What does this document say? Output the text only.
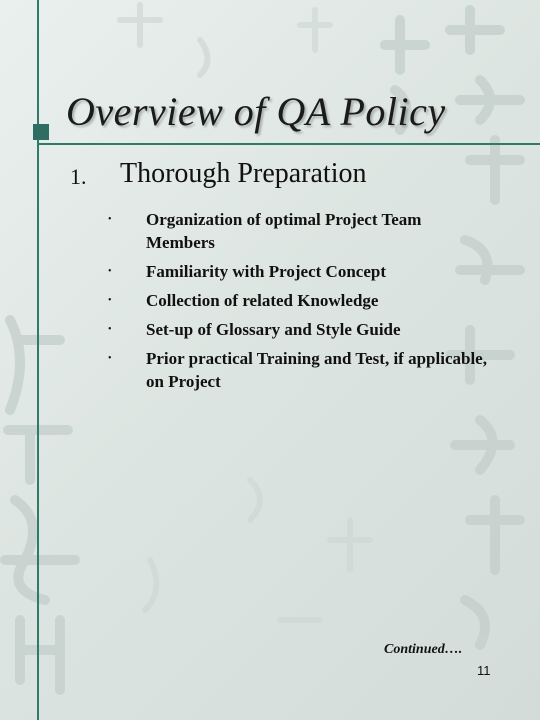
Overview of QA Policy
1. Thorough Preparation
• Organization of optimal Project Team Members
• Familiarity with Project Concept
• Collection of related Knowledge
• Set-up of Glossary and Style Guide
• Prior practical Training and Test, if applicable, on Project
Continued….
11
